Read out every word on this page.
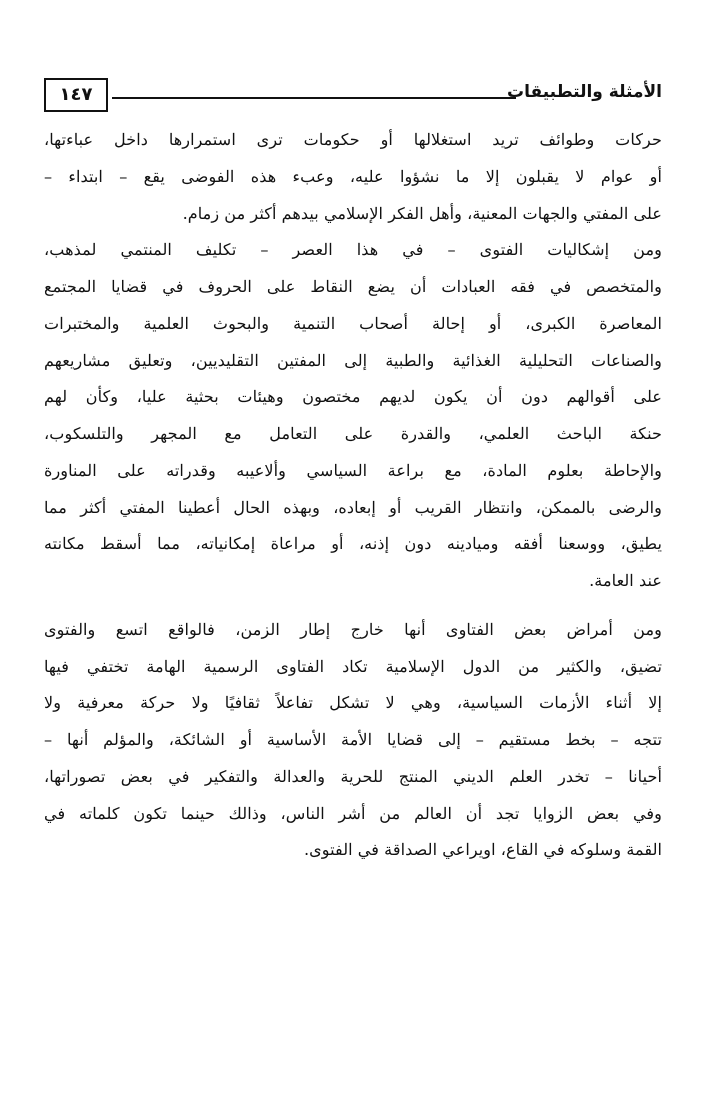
١٤٧	الأمثلة والتطبيقات
حركات وطوائف تريد استغلالها أو حكومات ترى استمرارها داخل عباءتها،
أو عوام لا يقبلون إلا ما نشؤوا عليه، وعبء هذه الفوضى يقع – ابتداء –
على المفتي والجهات المعنية، وأهل الفكر الإسلامي بيدهم أكثر من زمام.
ومن إشكاليات الفتوى – في هذا العصر – تكليف المنتمي لمذهب،
والمتخصص في فقه العبادات أن يضع النقاط على الحروف في قضايا المجتمع
المعاصرة الكبرى، أو إحالة أصحاب التنمية والبحوث العلمية والمختبرات
والصناعات التحليلية الغذائية والطبية إلى المفتين التقليديين، وتعليق مشاريعهم
على أقوالهم دون أن يكون لديهم مختصون وهيئات بحثية عليا، وكأن لهم
حنكة الباحث العلمي، والقدرة على التعامل مع المجهر والتلسكوب،
والإحاطة بعلوم المادة، مع براعة السياسي وألاعيبه وقدراته على المناورة
والرضى بالممكن، وانتظار القريب أو إبعاده، وبهذه الحال أعطينا المفتي أكثر مما
يطيق، ووسعنا أفقه وميادينه دون إذنه، أو مراعاة إمكانياته، مما أسقط مكانته
عند العامة.
ومن أمراض بعض الفتاوى أنها خارج إطار الزمن، فالواقع اتسع والفتوى
تضيق، والكثير من الدول الإسلامية تكاد الفتاوى الرسمية الهامة تختفي فيها
إلا أثناء الأزمات السياسية، وهي لا تشكل تفاعلاً ثقافيًا ولا حركة معرفية ولا
تتجه – بخط مستقيم – إلى قضايا الأمة الأساسية أو الشائكة، والمؤلم أنها –
أحيانا – تخدر العلم الديني المنتج للحرية والعدالة والتفكير في بعض تصوراتها،
وفي بعض الزوايا تجد أن العالم من أشر الناس، وذالك حينما تكون كلماته في
القمة وسلوكه في القاع، اويراعي الصداقة في الفتوى.
